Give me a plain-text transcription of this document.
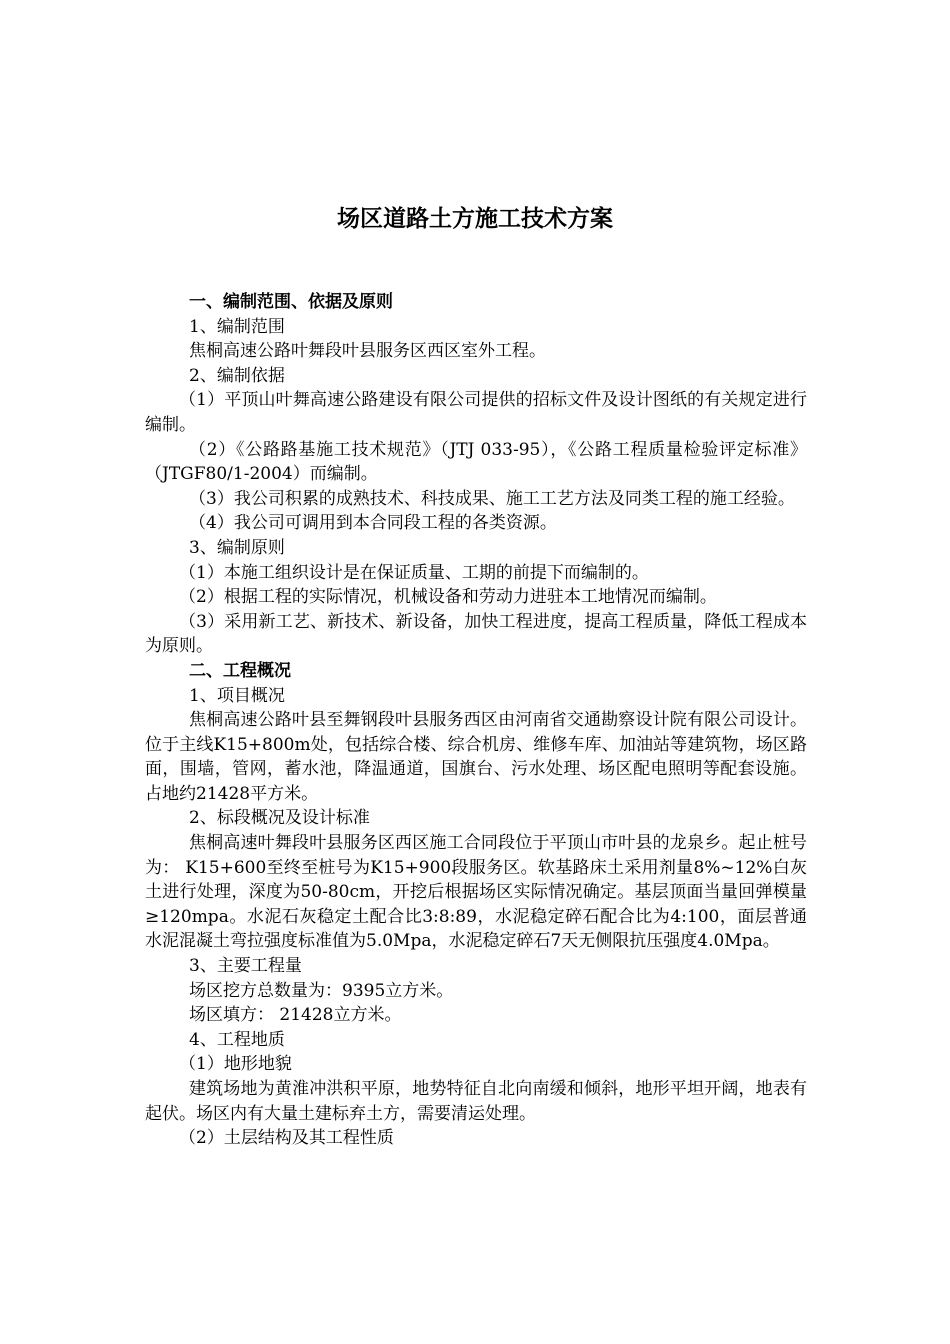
场区道路土方施工技术方案

一、编制范围、依据及原则

1、编制范围

焦桐高速公路叶舞段叶县服务区西区室外工程。

2、编制依据

（1）平顶山叶舞高速公路建设有限公司提供的招标文件及设计图纸的有关规定进行编制。

（2）《公路路基施工技术规范》（JTJ 033-95），《公路工程质量检验评定标准》（JTGF80/1-2004）而编制。

（3）我公司积累的成熟技术、科技成果、施工工艺方法及同类工程的施工经验。

（4）我公司可调用到本合同段工程的各类资源。

3、编制原则

（1）本施工组织设计是在保证质量、工期的前提下而编制的。

（2）根据工程的实际情况，机械设备和劳动力进驻本工地情况而编制。

（3）采用新工艺、新技术、新设备，加快工程进度，提高工程质量，降低工程成本为原则。

二、工程概况

1、项目概况

焦桐高速公路叶县至舞钢段叶县服务西区由河南省交通勘察设计院有限公司设计。位于主线K15+800m处，包括综合楼、综合机房、维修车库、加油站等建筑物，场区路面，围墙，管网，蓄水池，降温通道，国旗台、污水处理、场区配电照明等配套设施。占地约21428平方米。

2、标段概况及设计标准

焦桐高速叶舞段叶县服务区西区施工合同段位于平顶山市叶县的龙泉乡。起止桩号为： K15+600至终至桩号为K15+900段服务区。软基路床土采用剂量8%~12%白灰土进行处理，深度为50-80cm，开挖后根据场区实际情况确定。基层顶面当量回弹模量≥120mpa。水泥石灰稳定土配合比3:8:89，水泥稳定碎石配合比为4:100，面层普通水泥混凝土弯拉强度标准值为5.0Mpa，水泥稳定碎石7天无侧限抗压强度4.0Mpa。

3、主要工程量

场区挖方总数量为：9395立方米。

场区填方： 21428立方米。

4、工程地质

（1）地形地貌

建筑场地为黄淮冲洪积平原，地势特征自北向南缓和倾斜，地形平坦开阔，地表有起伏。场区内有大量土建标弃土方，需要清运处理。

（2）土层结构及其工程性质
